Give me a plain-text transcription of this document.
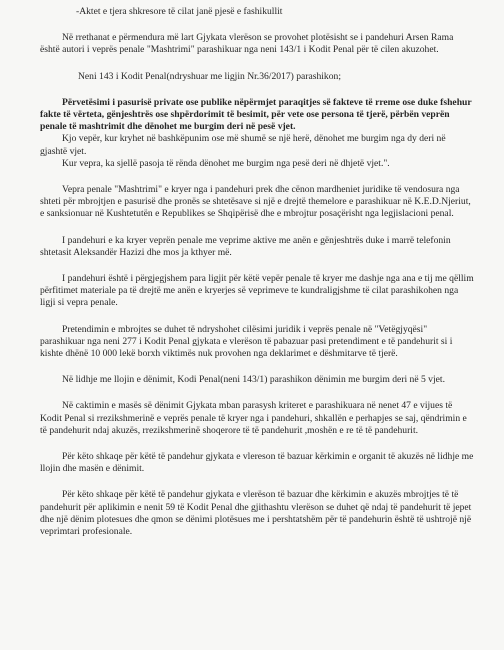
-Aktet e tjera shkresore të cilat janë pjesë e fashikullit

Në rrethanat e përmendura më lart Gjykata vlerëson se provohet plotësisht se i pandehuri Arsen Rama është autori i veprës penale "Mashtrimi" parashikuar nga neni 143/1 i Kodit Penal për të cilen akuzohet.

Neni 143 i Kodit Penal(ndryshuar me ligjin Nr.36/2017) parashikon;

Përvetësimi i pasurisë private ose publike nëpërmjet paraqitjes së fakteve të rreme ose duke fshehur fakte të vërteta, gënjeshtrës ose shpërdorimit të besimit, për vete ose persona të tjerë, përbën veprën penale të mashtrimit dhe dënohet me burgim deri në pesë vjet.

Kjo vepër, kur kryhet në bashkëpunim ose më shumë se një herë, dënohet me burgim nga dy deri në gjashtë vjet.

Kur vepra, ka sjellë pasoja të rënda dënohet me burgim nga pesë deri në dhjetë vjet.".

Vepra penale "Mashtrimi" e kryer nga i pandehuri prek dhe cënon mardheniet juridike të vendosura nga shteti për mbrojtjen e pasurisë dhe pronës se shtetësave si një e drejtë themelore e parashikuar në K.E.D.Njeriut, e sanksionuar në Kushtetutën e Republikes se Shqipërisë dhe e mbrojtur posaçërisht nga legjislacioni penal.

I pandehuri e ka kryer veprën penale me veprime aktive me anën e gënjeshtrës duke i marrë telefonin shtetasit Aleksandër Hazizi dhe mos ja kthyer më.

I pandehuri është i përgjegjshem para ligjit për këtë vepër penale të kryer me dashje nga ana e tij me qëllim përfitimet materiale pa të drejtë me anën e kryerjes së veprimeve te kundraligjshme të cilat parashikohen nga ligji si vepra penale.

Pretendimin e mbrojtes se duhet të ndryshohet cilësimi juridik i veprës penale në "Vetëgjyqësi" parashikuar nga neni 277 i Kodit Penal gjykata e vlerëson të pabazuar pasi pretendiment e të pandehurit si i kishte dhënë 10 000 lekë borxh viktimës nuk provohen nga deklarimet e dëshmitarve të tjerë.

Në lidhje me llojin e dënimit, Kodi Penal(neni 143/1) parashikon dënimin me burgim deri në 5 vjet.

Në caktimin e masës së dënimit Gjykata mban parasysh kriteret e parashikuara në nenet 47 e vijues të Kodit Penal si rrezikshmerinë e veprës penale të kryer nga i pandehuri, shkallën e perhapjes se saj, qëndrimin e të pandehurit ndaj akuzës, rrezikshmerinë shoqerore të të pandehurit ,moshën e re të të pandehurit.

Për këto shkaqe për këtë të pandehur gjykata e vlereson të bazuar kërkimin e organit të akuzës në lidhje me llojin dhe masën e dënimit.

Për këto shkaqe për këtë të pandehur gjykata e vlerëson të bazuar dhe kërkimin e akuzës mbrojtjes të të pandehurit për aplikimin e nenit 59 të Kodit Penal dhe gjithashtu vlerëson se duhet që ndaj të pandehurit të jepet dhe një dënim plotesues dhe qmon se dënimi plotësues me i pershtatshëm për të pandehurin është të ushtrojë një veprimtari profesionale.
